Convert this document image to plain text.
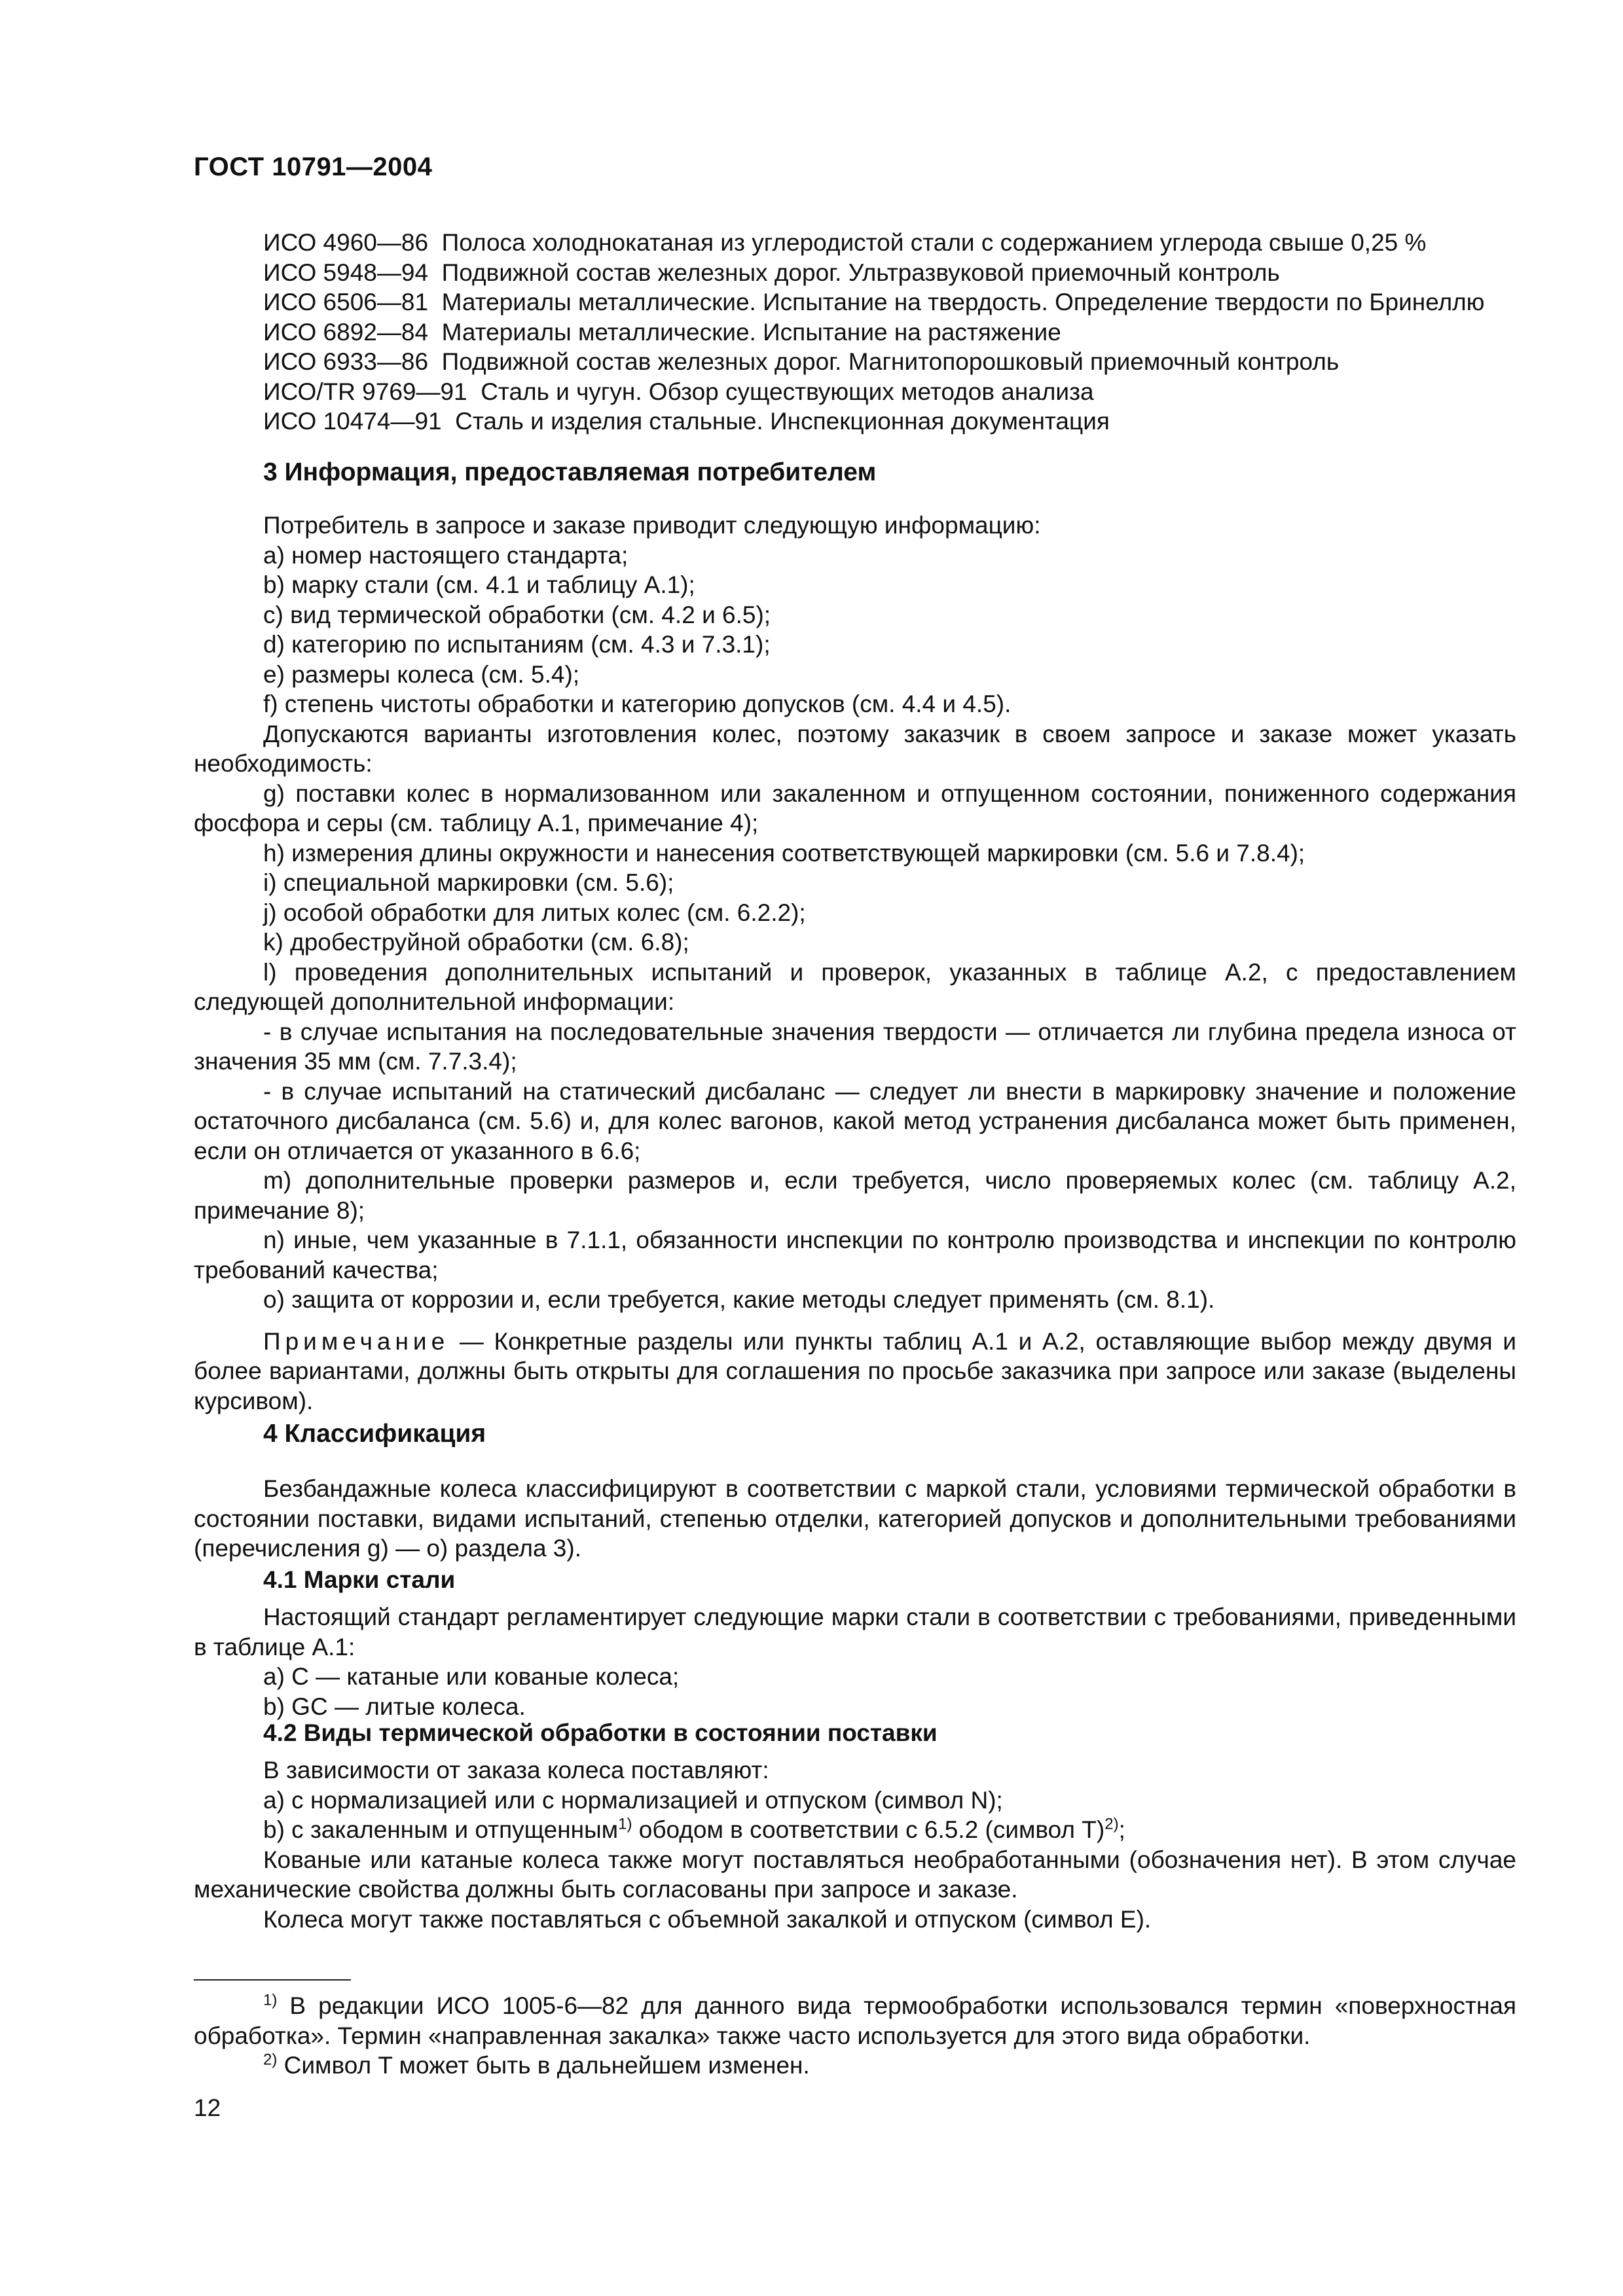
ГОСТ 10791—2004
ИСО 4960—86 Полоса холоднокатаная из углеродистой стали с содержанием углерода свыше 0,25 %
ИСО 5948—94 Подвижной состав железных дорог. Ультразвуковой приемочный контроль
ИСО 6506—81 Материалы металлические. Испытание на твердость. Определение твердости по Бринеллю
ИСО 6892—84 Материалы металлические. Испытание на растяжение
ИСО 6933—86 Подвижной состав железных дорог. Магнитопорошковый приемочный контроль
ИСО/TR 9769—91 Сталь и чугун. Обзор существующих методов анализа
ИСО 10474—91 Сталь и изделия стальные. Инспекционная документация
3 Информация, предоставляемая потребителем

Потребитель в запросе и заказе приводит следующую информацию:

a) номер настоящего стандарта;

b) марку стали (см. 4.1 и таблицу А.1);

c) вид термической обработки (см. 4.2 и 6.5);

d) категорию по испытаниям (см. 4.3 и 7.3.1);

e) размеры колеса (см. 5.4);

f) степень чистоты обработки и категорию допусков (см. 4.4 и 4.5).

Допускаются варианты изготовления колес, поэтому заказчик в своем запросе и заказе может указать необходимость:

g) поставки колес в нормализованном или закаленном и отпущенном состоянии, пониженного содержания фосфора и серы (см. таблицу А.1, примечание 4);

h) измерения длины окружности и нанесения соответствующей маркировки (см. 5.6 и 7.8.4);

i) специальной маркировки (см. 5.6);

j) особой обработки для литых колес (см. 6.2.2);

k) дробеструйной обработки (см. 6.8);

l) проведения дополнительных испытаний и проверок, указанных в таблице А.2, с предоставлением следующей дополнительной информации:

- в случае испытания на последовательные значения твердости — отличается ли глубина предела износа от значения 35 мм (см. 7.7.3.4);

- в случае испытаний на статический дисбаланс — следует ли внести в маркировку значение и положение остаточного дисбаланса (см. 5.6) и, для колес вагонов, какой метод устранения дисбаланса может быть применен, если он отличается от указанного в 6.6;

m) дополнительные проверки размеров и, если требуется, число проверяемых колес (см. таблицу А.2, примечание 8);

n) иные, чем указанные в 7.1.1, обязанности инспекции по контролю производства и инспекции по контролю требований качества;

o) защита от коррозии и, если требуется, какие методы следует применять (см. 8.1).

Примечание — Конкретные разделы или пункты таблиц А.1 и А.2, оставляющие выбор между двумя и более вариантами, должны быть открыты для соглашения по просьбе заказчика при запросе или заказе (выделены курсивом).

4 Классификация

Безбандажные колеса классифицируют в соответствии с маркой стали, условиями термической обработки в состоянии поставки, видами испытаний, степенью отделки, категорией допусков и дополнительными требованиями (перечисления g) — o) раздела 3).

4.1 Марки стали

Настоящий стандарт регламентирует следующие марки стали в соответствии с требованиями, приведенными в таблице А.1:

a) С — катаные или кованые колеса;

b) GC — литые колеса.

4.2 Виды термической обработки в состоянии поставки

В зависимости от заказа колеса поставляют:

a) с нормализацией или с нормализацией и отпуском (символ N);

b) с закаленным и отпущенным$^{1)}$ ободом в соответствии с 6.5.2 (символ T)$^{2)}$;

Кованые или катаные колеса также могут поставляться необработанными (обозначения нет). В этом случае механические свойства должны быть согласованы при запросе и заказе.

Колеса могут также поставляться с объемной закалкой и отпуском (символ E).

$^{1)}$ В редакции ИСО 1005-6—82 для данного вида термообработки использовался термин «поверхностная обработка». Термин «направленная закалка» также часто используется для этого вида обработки.

$^{2)}$ Символ T может быть в дальнейшем изменен.

12
